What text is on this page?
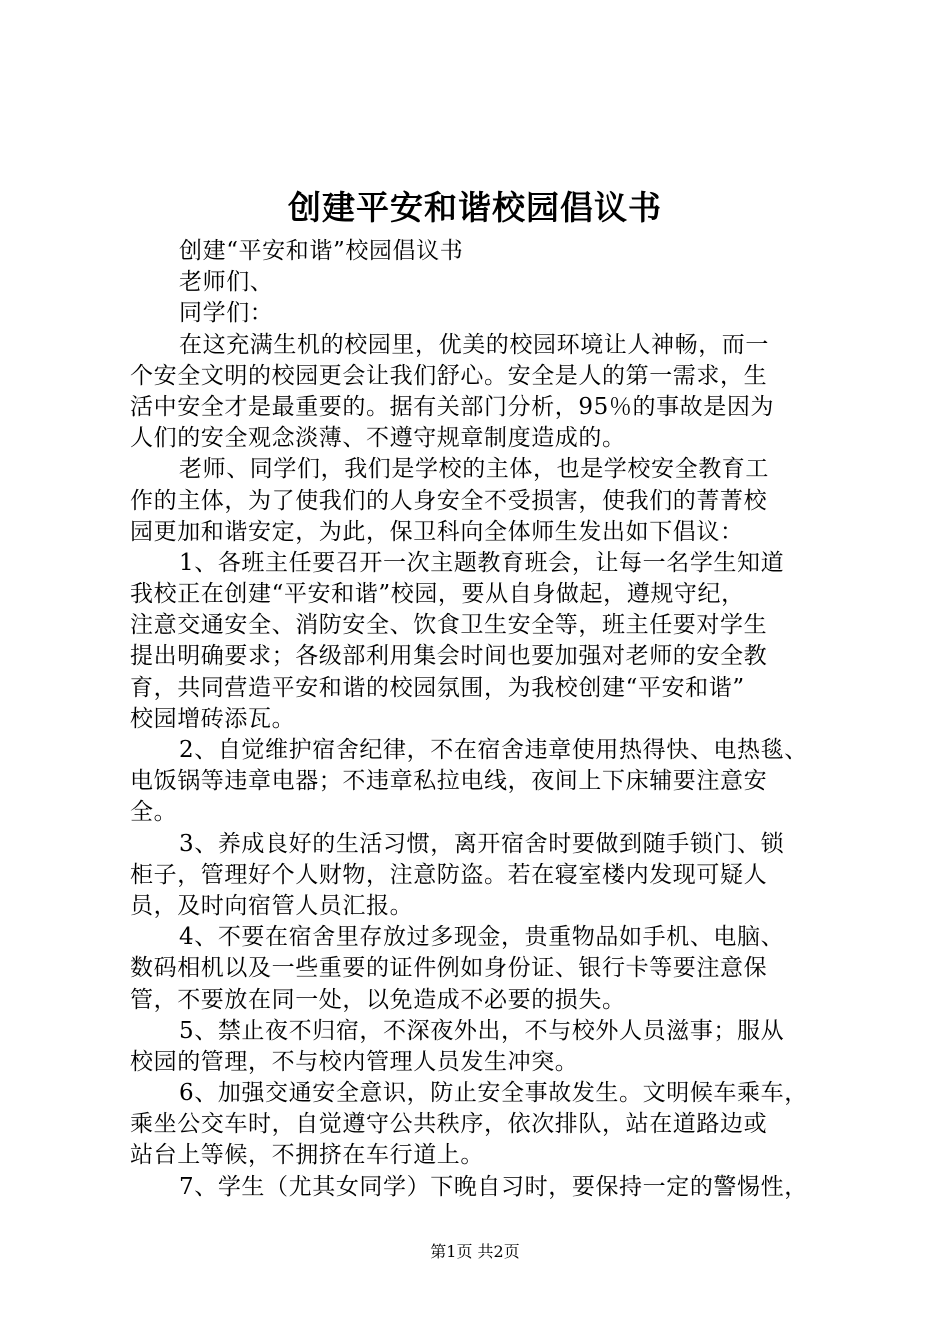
创建平安和谐校园倡议书
创建“平安和谐”校园倡议书
老师们、
同学们：
在这充满生机的校园里，优美的校园环境让人神畅，而一
个安全文明的校园更会让我们舒心。安全是人的第一需求，生
活中安全才是最重要的。据有关部门分析，95％的事故是因为
人们的安全观念淡薄、不遵守规章制度造成的。
老师、同学们，我们是学校的主体，也是学校安全教育工
作的主体，为了使我们的人身安全不受损害，使我们的菁菁校
园更加和谐安定，为此，保卫科向全体师生发出如下倡议：
1、各班主任要召开一次主题教育班会，让每一名学生知道
我校正在创建“平安和谐”校园，要从自身做起，遵规守纪，
注意交通安全、消防安全、饮食卫生安全等，班主任要对学生
提出明确要求；各级部利用集会时间也要加强对老师的安全教
育，共同营造平安和谐的校园氛围，为我校创建“平安和谐”
校园增砖添瓦。
2、自觉维护宿舍纪律，不在宿舍违章使用热得快、电热毯、
电饭锅等违章电器；不违章私拉电线，夜间上下床辅要注意安
全。
3、养成良好的生活习惯，离开宿舍时要做到随手锁门、锁
柜子，管理好个人财物，注意防盗。若在寝室楼内发现可疑人
员，及时向宿管人员汇报。
4、不要在宿舍里存放过多现金，贵重物品如手机、电脑、
数码相机以及一些重要的证件例如身份证、银行卡等要注意保
管，不要放在同一处，以免造成不必要的损失。
5、禁止夜不归宿，不深夜外出，不与校外人员滋事；服从
校园的管理，不与校内管理人员发生冲突。
6、加强交通安全意识，防止安全事故发生。文明候车乘车，
乘坐公交车时，自觉遵守公共秩序，依次排队，站在道路边或
站台上等候，不拥挤在车行道上。
7、学生（尤其女同学）下晚自习时，要保持一定的警惕性，
第1页 共2页
